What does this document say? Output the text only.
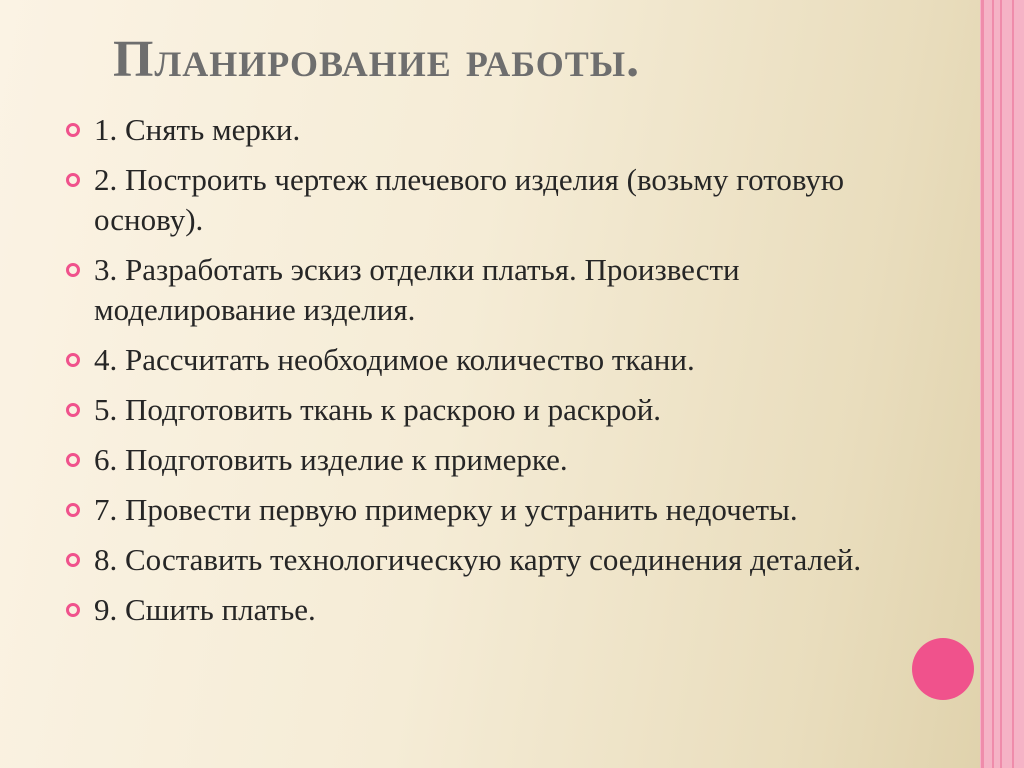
Планирование работы.
1. Снять мерки.
2. Построить чертеж плечевого изделия (возьму готовую основу).
3. Разработать эскиз отделки платья. Произвести моделирование изделия.
4. Рассчитать необходимое количество ткани.
5. Подготовить ткань к раскрою и раскрой.
6. Подготовить изделие к примерке.
7. Провести первую примерку и устранить недочеты.
8. Составить технологическую карту соединения деталей.
9. Сшить платье.
